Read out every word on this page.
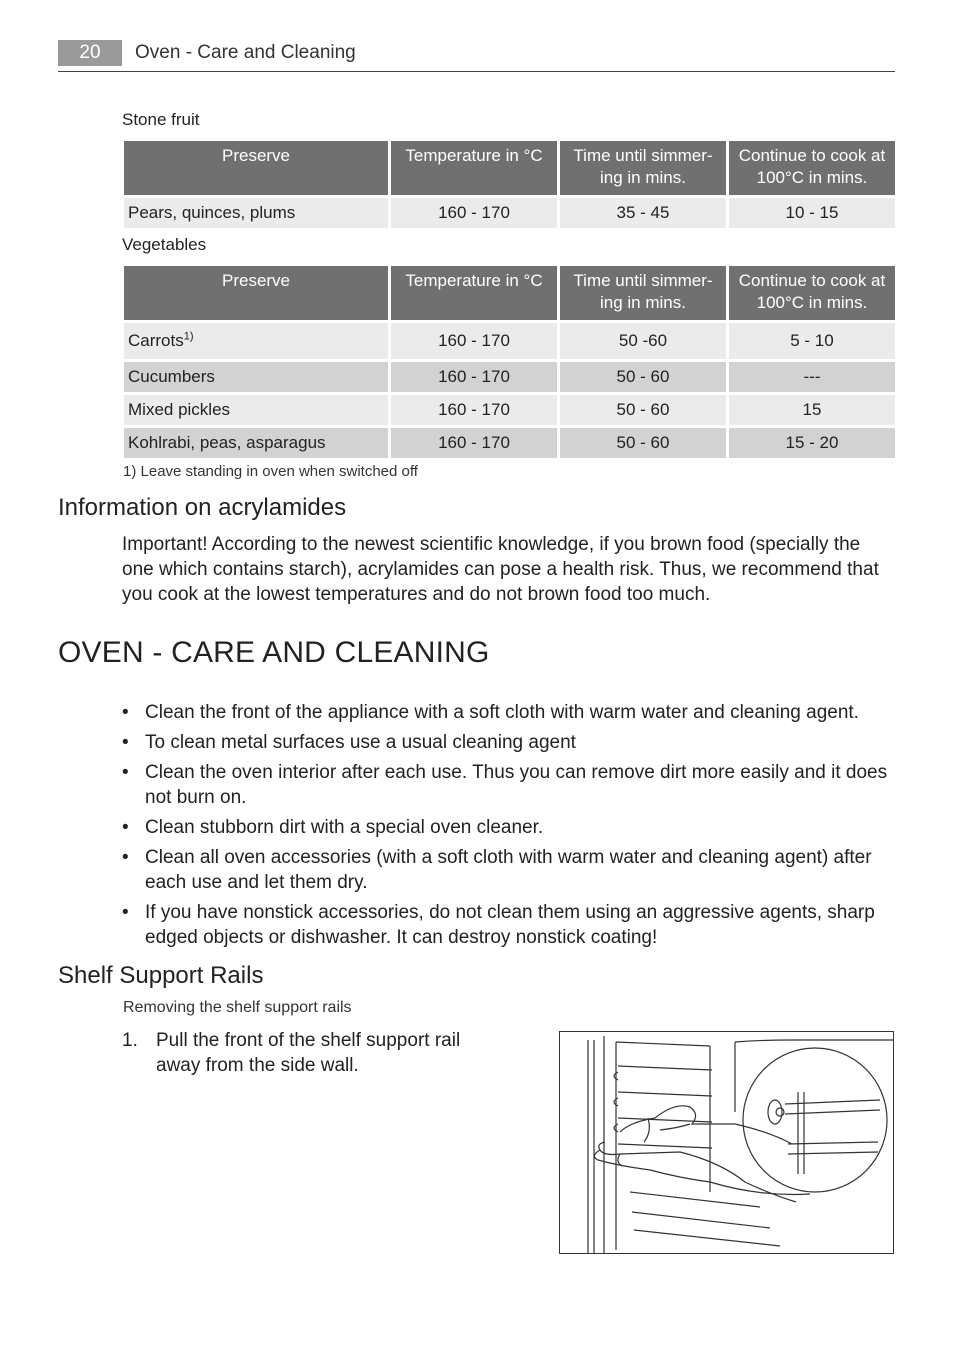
20	Oven - Care and Cleaning
Stone fruit
Preserve	Temperature in °C	Time until simmer-ing in mins.	Continue to cook at 100°C in mins.
Pears, quinces, plums	160 - 170	35 - 45	10 - 15
Vegetables
Preserve	Temperature in °C	Time until simmer-ing in mins.	Continue to cook at 100°C in mins.
Carrots$^{1)}$	160 - 170	50 -60	5 - 10
Cucumbers	160 - 170	50 - 60	---
Mixed pickles	160 - 170	50 - 60	15
Kohlrabi, peas, asparagus	160 - 170	50 - 60	15 - 20
1) Leave standing in oven when switched off
Information on acrylamides
Important! According to the newest scientific knowledge, if you brown food (specially the one which contains starch), acrylamides can pose a health risk. Thus, we recommend that you cook at the lowest temperatures and do not brown food too much.
OVEN - CARE AND CLEANING
• Clean the front of the appliance with a soft cloth with warm water and cleaning agent.
• To clean metal surfaces use a usual cleaning agent
• Clean the oven interior after each use. Thus you can remove dirt more easily and it does not burn on.
• Clean stubborn dirt with a special oven cleaner.
• Clean all oven accessories (with a soft cloth with warm water and cleaning agent) after each use and let them dry.
• If you have nonstick accessories, do not clean them using an aggressive agents, sharp edged objects or dishwasher. It can destroy nonstick coating!
Shelf Support Rails
Removing the shelf support rails
1. Pull the front of the shelf support rail away from the side wall.
